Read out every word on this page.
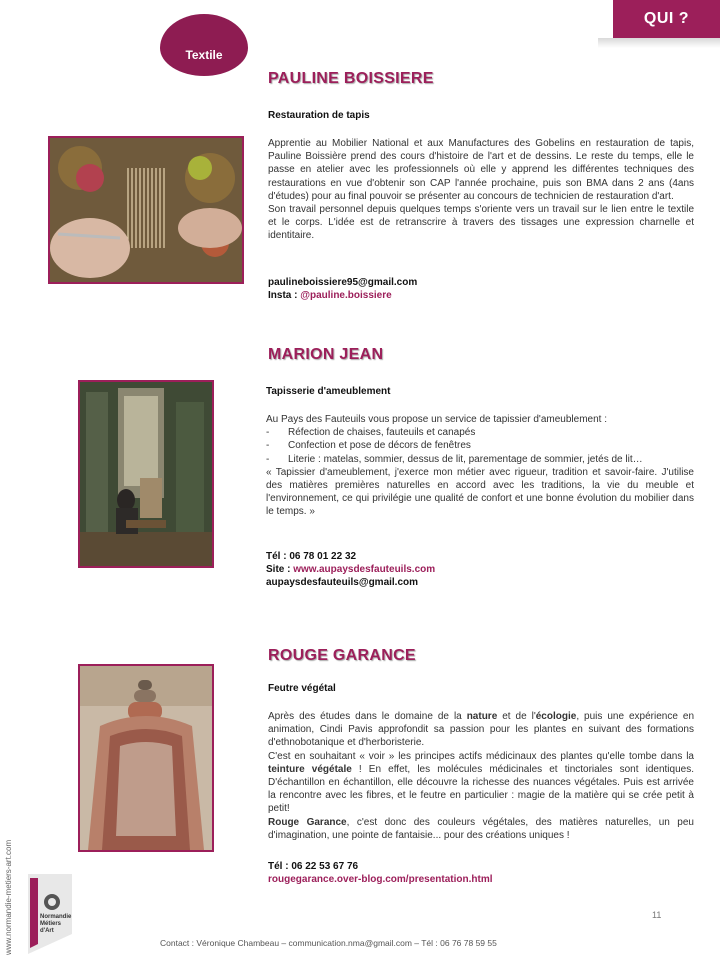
QUI ?
Textile
PAULINE BOISSIERE
Restauration de tapis

Apprentie au Mobilier National et aux Manufactures des Gobelins en restauration de tapis, Pauline Boissière prend des cours d'histoire de l'art et de dessins. Le reste du temps, elle le passe en atelier avec les professionnels où elle y apprend les différentes techniques des restaurations en vue d'obtenir son CAP l'année prochaine, puis son BMA dans 2 ans (4ans d'études) pour au final pouvoir se présenter au concours de technicien de restauration d'art.

Son travail personnel depuis quelques temps s'oriente vers un travail sur le lien entre le textile et le corps. L'idée est de retranscrire à travers des tissages une expression charnelle et identitaire.

paulineboissiere95@gmail.com
Insta : @pauline.boissiere
MARION JEAN
Tapisserie d'ameublement

Au Pays des Fauteuils vous propose un service de tapissier d'ameublement :

- Réfection de chaises, fauteuils et canapés
- Confection et pose de décors de fenêtres
- Literie : matelas, sommier, dessus de lit, parementage de sommier, jetés de lit…

« Tapissier d'ameublement, j'exerce mon métier avec rigueur, tradition et savoir-faire. J'utilise des matières premières naturelles en accord avec les traditions, la vie du meuble et l'environnement, ce qui privilégie une qualité de confort et une bonne évolution du mobilier dans le temps. »

Tél : 06 78 01 22 32
Site : www.aupaysdesfauteuils.com
aupaysdesfauteuils@gmail.com
ROUGE GARANCE
Feutre végétal

Après des études dans le domaine de la nature et de l'écologie, puis une expérience en animation, Cindi Pavis approfondit sa passion pour les plantes en suivant des formations d'ethnobotanique et d'herboristerie.

C'est en souhaitant « voir » les principes actifs médicinaux des plantes qu'elle tombe dans la teinture végétale ! En effet, les molécules médicinales et tinctoriales sont identiques. D'échantillon en échantillon, elle découvre la richesse des nuances végétales. Puis est arrivée la rencontre avec les fibres, et le feutre en particulier : magie de la matière qui se crée petit à petit!

Rouge Garance, c'est donc des couleurs végétales, des matières naturelles, un peu d'imagination, une pointe de fantaisie... pour des créations uniques !

Tél : 06 22 53 67 76
rougegarance.over-blog.com/presentation.html
www.normandie-metiers-art.com	Normandie
Métiers
d'Art
11
Contact : Véronique Chambeau – communication.nma@gmail.com – Tél : 06 76 78 59 55
